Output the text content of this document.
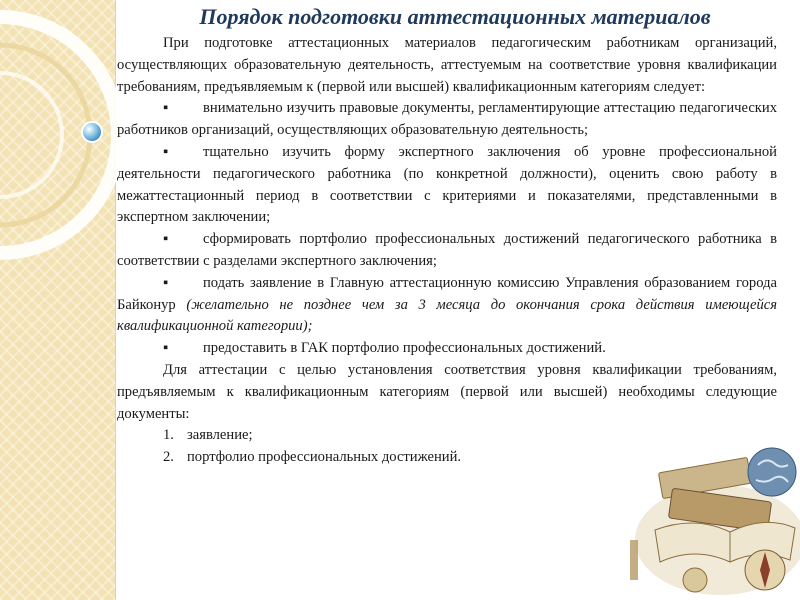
Порядок подготовки аттестационных материалов

При подготовке аттестационных материалов педагогическим работникам организаций, осуществляющих образовательную деятельность, аттестуемым на соответствие уровня квалификации требованиям, предъявляемым к (первой или высшей) квалификационным категориям следует:

▪ внимательно изучить правовые документы, регламентирующие аттестацию педагогических работников организаций, осуществляющих образовательную деятельность;

▪ тщательно изучить форму экспертного заключения об уровне профессиональной деятельности педагогического работника (по конкретной должности), оценить свою работу в межаттестационный период в соответствии с критериями и показателями, представленными в экспертном заключении;

▪ сформировать портфолио профессиональных достижений педагогического работника в соответствии с разделами экспертного заключения;

▪ подать заявление в Главную аттестационную комиссию Управления образованием города Байконур (желательно не позднее чем за 3 месяца до окончания срока действия имеющейся квалификационной категории);

▪ предоставить в ГАК портфолио профессиональных достижений.

Для аттестации с целью установления соответствия уровня квалификации требованиям, предъявляемым к квалификационным категориям (первой или высшей) необходимы следующие документы:

1. заявление;

2. портфолио профессиональных достижений.
